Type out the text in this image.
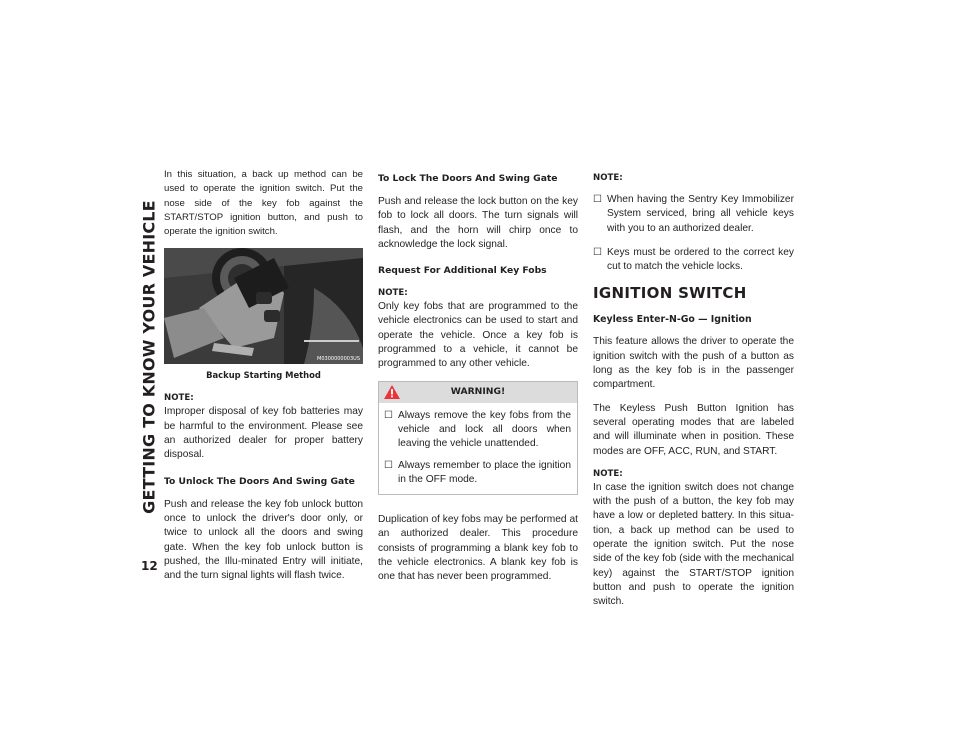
GETTING TO KNOW YOUR VEHICLE
12

In this situation, a back up method can be used to operate the ignition switch. Put the nose side of the key fob against the START/STOP ignition button, and push to operate the ignition switch.

M0300000003US
Backup Starting Method
NOTE:

Improper disposal of key fob batteries may be harmful to the environment. Please see an authorized dealer for proper battery disposal.

To Unlock The Doors And Swing Gate

Push and release the key fob unlock button once to unlock the driver's door only, or twice to unlock all the doors and swing gate. When the key fob unlock button is pushed, the Illu-minated Entry will initiate, and the turn signal lights will flash twice.

To Lock The Doors And Swing Gate

Push and release the lock button on the key fob to lock all doors. The turn signals will flash, and the horn will chirp once to acknowledge the lock signal.

Request For Additional Key Fobs
NOTE:

Only key fobs that are programmed to the vehicle electronics can be used to start and operate the vehicle. Once a key fob is programmed to a vehicle, it cannot be programmed to any other vehicle.

WARNING!
☐ Always remove the key fobs from the vehicle and lock all doors when leaving the vehicle unattended.
☐ Always remember to place the ignition in the OFF mode.

Duplication of key fobs may be performed at an authorized dealer. This procedure consists of programming a blank key fob to the vehicle electronics. A blank key fob is one that has never been programmed.

NOTE:
☐ When having the Sentry Key Immobilizer System serviced, bring all vehicle keys with you to an authorized dealer.
☐ Keys must be ordered to the correct key cut to match the vehicle locks.
IGNITION SWITCH
Keyless Enter-N-Go — Ignition

This feature allows the driver to operate the ignition switch with the push of a button as long as the key fob is in the passenger compartment.

The Keyless Push Button Ignition has several operating modes that are labeled and will illuminate when in position. These modes are OFF, ACC, RUN, and START.

NOTE:

In case the ignition switch does not change with the push of a button, the key fob may have a low or depleted battery. In this situa-tion, a back up method can be used to operate the ignition switch. Put the nose side of the key fob (side with the mechanical key) against the START/STOP ignition button and push to operate the ignition switch.
